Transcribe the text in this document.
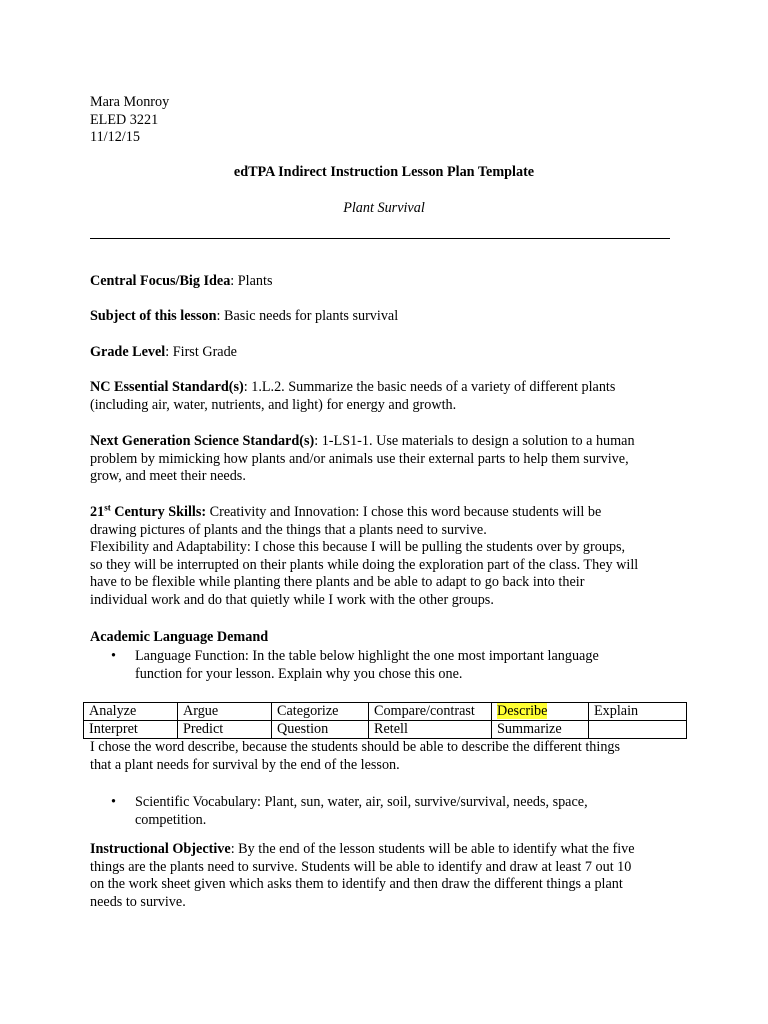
Mara Monroy
ELED 3221
11/12/15
edTPA Indirect Instruction Lesson Plan Template
Plant Survival
Central Focus/Big Idea: Plants
Subject of this lesson: Basic needs for plants survival
Grade Level: First Grade
NC Essential Standard(s): 1.L.2. Summarize the basic needs of a variety of different plants
(including air, water, nutrients, and light) for energy and growth.
Next Generation Science Standard(s): 1-LS1-1. Use materials to design a solution to a human
problem by mimicking how plants and/or animals use their external parts to help them survive,
grow, and meet their needs.
21st Century Skills: Creativity and Innovation: I chose this word because students will be
drawing pictures of plants and the things that a plants need to survive.
Flexibility and Adaptability: I chose this because I will be pulling the students over by groups,
so they will be interrupted on their plants while doing the exploration part of the class. They will
have to be flexible while planting there plants and be able to adapt to go back into their
individual work and do that quietly while I work with the other groups.
Academic Language Demand
•	Language Function: In the table below highlight the one most important language
function for your lesson. Explain why you chose this one.
Analyze	Argue	Categorize	Compare/contrast	Describe	Explain
Interpret	Predict	Question	Retell	Summarize	
I chose the word describe, because the students should be able to describe the different things
that a plant needs for survival by the end of the lesson.
•	Scientific Vocabulary: Plant, sun, water, air, soil, survive/survival, needs, space,
competition.
Instructional Objective: By the end of the lesson students will be able to identify what the five
things are the plants need to survive. Students will be able to identify and draw at least 7 out 10
on the work sheet given which asks them to identify and then draw the different things a plant
needs to survive.
